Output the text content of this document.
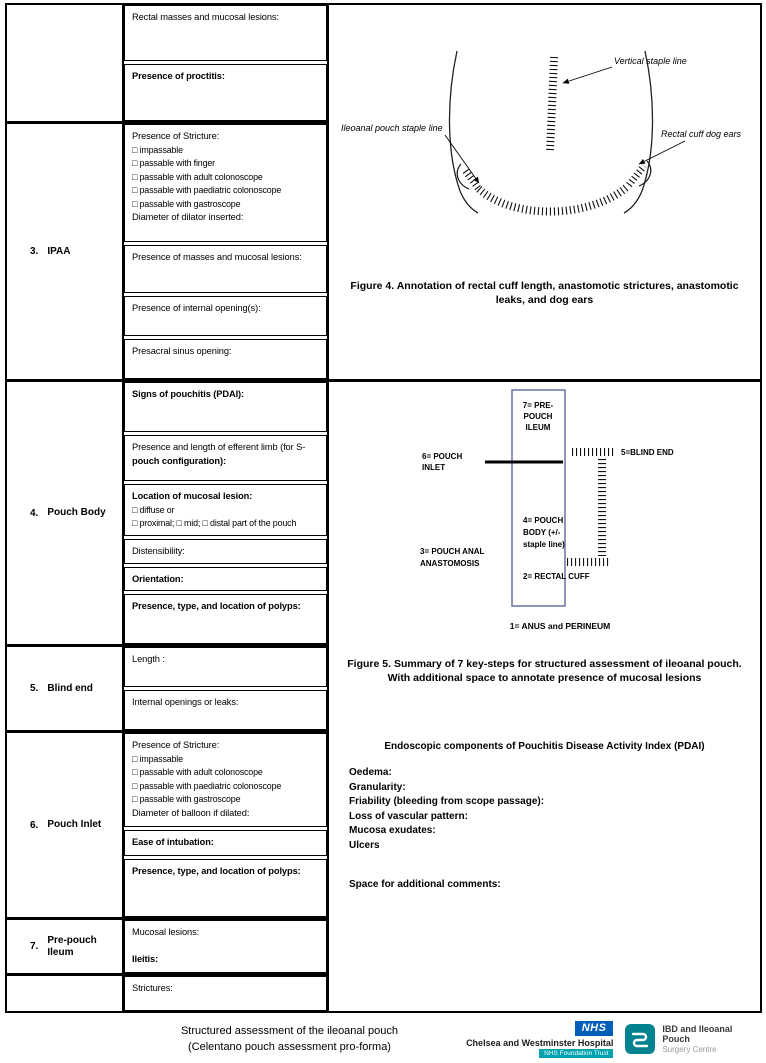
Rectal masses and mucosal lesions:
Presence of proctitis:
3. IPAA
Presence of Stricture:
□ impassable
□ passable with finger
□ passable with adult colonoscope
□ passable with paediatric colonoscope
□ passable with gastroscope
Diameter of dilator inserted:
Presence of masses and mucosal lesions:
Presence of internal opening(s):
Presacral sinus opening:
4. Pouch Body
Signs of pouchitis (PDAI):
Presence and length of efferent limb (for S-
pouch configuration):
Location of mucosal lesion:
□ diffuse or
□ proximal; □ mid; □ distal part of the pouch
Distensibility:
Orientation:
Presence, type, and location of polyps:
5. Blind end
Length :
Internal openings or leaks:
6. Pouch Inlet
Presence of Stricture:
□ impassable
□ passable with adult colonoscope
□ passable with paediatric colonoscope
□ passable with gastroscope
Diameter of balloon if dilated:
Ease of intubation:
Presence, type, and location of polyps:
7.
Pre-pouch Ileum
Mucosal lesions:

Ileitis:
Strictures:
Vertical staple line
Ileoanal pouch staple line
Rectal cuff dog ears
Figure 4. Annotation of rectal cuff length, anastomotic strictures, anastomotic leaks, and dog ears
7= PRE-
POUCH
ILEUM
6= POUCH
INLET
5=BLIND END
4= POUCH
BODY (+/-
staple line)
3= POUCH ANAL
ANASTOMOSIS
2= RECTAL CUFF
1= ANUS and PERINEUM
Figure 5. Summary of 7 key-steps for structured assessment of ileoanal pouch. With additional space to annotate presence of mucosal lesions
Endoscopic components of Pouchitis Disease Activity Index (PDAI)
Oedema:
Granularity:
Friability (bleeding from scope passage):
Loss of vascular pattern:
Mucosa exudates:
Ulcers
Space for additional comments:
Structured assessment of the ileoanal pouch
(Celentano pouch assessment pro-forma)
NHS
Chelsea and Westminster Hospital
NHS Foundation Trust
IBD and Ileoanal Pouch
Surgery Centre
